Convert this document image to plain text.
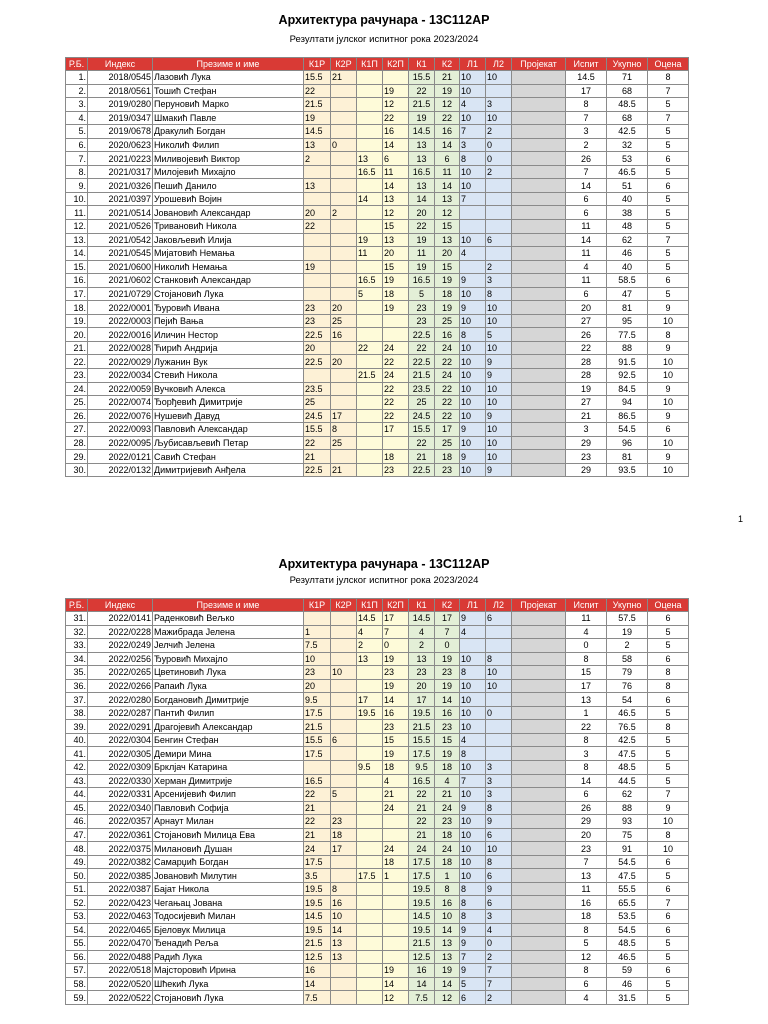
Архитектура рачунара - 13С112АР
Резултати јулског испитног рока 2023/2024
Р.Б.	Индекс	Презиме и име	К1Р	К2Р	К1П	К2П	К1	К2	Л1	Л2	Пројекат	Испит	Укупно	Оцена
1.	2018/0545	Лазовић Лука	15.5	21			15.5	21	10	10		14.5	71	8
2.	2018/0561	Тошић Стефан	22			19	22	19	10			17	68	7
3.	2019/0280	Перуновић Марко	21.5			12	21.5	12	4	3		8	48.5	5
4.	2019/0347	Шмакић Павле	19			22	19	22	10	10		7	68	7
5.	2019/0678	Дракулић Богдан	14.5			16	14.5	16	7	2		3	42.5	5
6.	2020/0623	Николић Филип	13	0		14	13	14	3	0		2	32	5
7.	2021/0223	Миливојевић Виктор	2		13	6	13	6	8	0		26	53	6
8.	2021/0317	Милојевић Михајло			16.5	11	16.5	11	10	2		7	46.5	5
9.	2021/0326	Пешић Данило	13			14	13	14	10			14	51	6
10.	2021/0397	Урошевић Војин			14	13	14	13	7			6	40	5
11.	2021/0514	Јовановић Александар	20	2		12	20	12				6	38	5
12.	2021/0526	Тривановић Никола	22			15	22	15				11	48	5
13.	2021/0542	Јаковљевић Илија			19	13	19	13	10	6		14	62	7
14.	2021/0545	Мијатовић Немања			11	20	11	20	4			11	46	5
15.	2021/0600	Николић Немања	19			15	19	15		2		4	40	5
16.	2021/0602	Станковић Александар			16.5	19	16.5	19	9	3		11	58.5	6
17.	2021/0729	Стојановић Лука			5	18	5	18	10	8		6	47	5
18.	2022/0001	Ђуровић Ивана	23	20		19	23	19	9	10		20	81	9
19.	2022/0003	Пејић Вања	23	25			23	25	10	10		27	95	10
20.	2022/0016	Иличин Нестор	22.5	16			22.5	16	8	5		26	77.5	8
21.	2022/0028	Ћирић Андрија	20		22	24	22	24	10	10		22	88	9
22.	2022/0029	Лужанин Вук	22.5	20		22	22.5	22	10	9		28	91.5	10
23.	2022/0034	Стевић Никола			21.5	24	21.5	24	10	9		28	92.5	10
24.	2022/0059	Вучковић Алекса	23.5			22	23.5	22	10	10		19	84.5	9
25.	2022/0074	Ђорђевић Димитрије	25			22	25	22	10	10		27	94	10
26.	2022/0076	Нушевић Давуд	24.5	17		22	24.5	22	10	9		21	86.5	9
27.	2022/0093	Павловић Александар	15.5	8		17	15.5	17	9	10		3	54.5	6
28.	2022/0095	Љубисављевић Петар	22	25			22	25	10	10		29	96	10
29.	2022/0121	Савић Стефан	21			18	21	18	9	10		23	81	9
30.	2022/0132	Димитријевић Анђела	22.5	21		23	22.5	23	10	9		29	93.5	10
1
Архитектура рачунара - 13С112АР
Резултати јулског испитног рока 2023/2024
Р.Б.	Индекс	Презиме и име	К1Р	К2Р	К1П	К2П	К1	К2	Л1	Л2	Пројекат	Испит	Укупно	Оцена
31.	2022/0141	Раденковић Вељко			14.5	17	14.5	17	9	6		11	57.5	6
32.	2022/0228	Мажибрада Јелена	1		4	7	4	7	4			4	19	5
33.	2022/0249	Јелчић Јелена	7.5		2	0	2	0				0	2	5
34.	2022/0256	Ђуровић Михајло	10		13	19	13	19	10	8		8	58	6
35.	2022/0265	Цветиновић Лука	23	10		23	23	23	8	10		15	79	8
36.	2022/0266	Рапаић Лука	20			19	20	19	10	10		17	76	8
37.	2022/0280	Богдановић Димитрије	9.5		17	14	17	14	10			13	54	6
38.	2022/0287	Пантић Филип	17.5		19.5	16	19.5	16	10	0		1	46.5	5
39.	2022/0291	Драгојевић Александар	21.5			23	21.5	23	10			22	76.5	8
40.	2022/0304	Бенгин Стефан	15.5	6		15	15.5	15	4			8	42.5	5
41.	2022/0305	Демири Мина	17.5			19	17.5	19	8			3	47.5	5
42.	2022/0309	Брклјач Катарина			9.5	18	9.5	18	10	3		8	48.5	5
43.	2022/0330	Херман Димитрије	16.5			4	16.5	4	7	3		14	44.5	5
44.	2022/0331	Арсенијевић Филип	22	5		21	22	21	10	3		6	62	7
45.	2022/0340	Павловић Софија	21			24	21	24	9	8		26	88	9
46.	2022/0357	Арнаут Милан	22	23			22	23	10	9		29	93	10
47.	2022/0361	Стојановић Милица Ева	21	18			21	18	10	6		20	75	8
48.	2022/0375	Милановић Душан	24	17		24	24	24	10	10		23	91	10
49.	2022/0382	Самарџић Богдан	17.5			18	17.5	18	10	8		7	54.5	6
50.	2022/0385	Јовановић Милутин	3.5		17.5	1	17.5	1	10	6		13	47.5	5
51.	2022/0387	Бајат Никола	19.5	8			19.5	8	8	9		11	55.5	6
52.	2022/0423	Чегањац Јована	19.5	16			19.5	16	8	6		16	65.5	7
53.	2022/0463	Тодосијевић Милан	14.5	10			14.5	10	8	3		18	53.5	6
54.	2022/0465	Бјеловук Милица	19.5	14			19.5	14	9	4		8	54.5	6
55.	2022/0470	Ђенадић Реља	21.5	13			21.5	13	9	0		5	48.5	5
56.	2022/0488	Радић Лука	12.5	13			12.5	13	7	2		12	46.5	5
57.	2022/0518	Мајсторовић Ирина	16			19	16	19	9	7		8	59	6
58.	2022/0520	Шћекић Лука	14			14	14	14	5	7		6	46	5
59.	2022/0522	Стојановић Лука	7.5			12	7.5	12	6	2		4	31.5	5
